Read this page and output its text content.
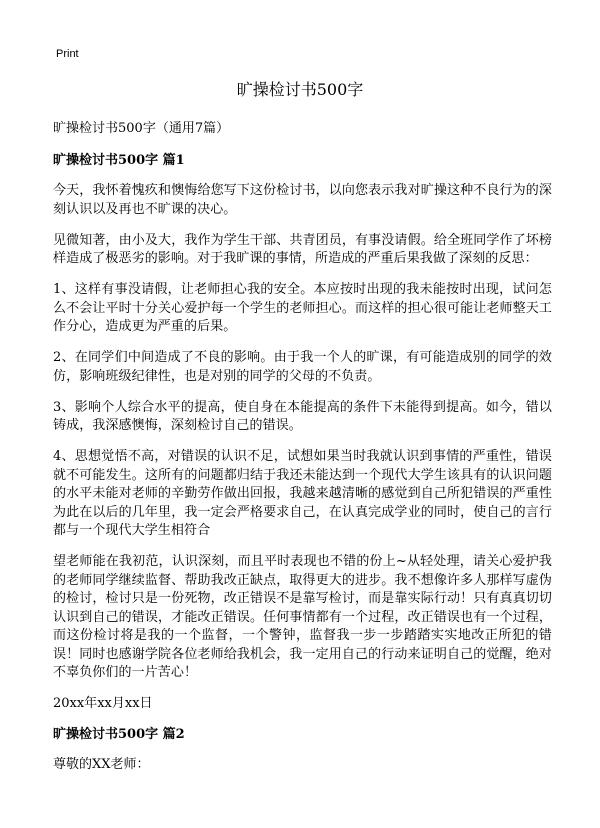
Print
旷操检讨书500字

旷操检讨书500字（通用7篇）

旷操检讨书500字 篇1

今天，我怀着愧疚和懊悔给您写下这份检讨书，以向您表示我对旷操这种不良行为的深刻认识以及再也不旷课的决心。

见微知著，由小及大，我作为学生干部、共青团员，有事没请假。给全班同学作了坏榜样造成了极恶劣的影响。对于我旷课的事情，所造成的严重后果我做了深刻的反思：

1、这样有事没请假，让老师担心我的安全。本应按时出现的我未能按时出现，试问怎么不会让平时十分关心爱护每一个学生的老师担心。而这样的担心很可能让老师整天工作分心，造成更为严重的后果。

2、在同学们中间造成了不良的影响。由于我一个人的旷课，有可能造成别的同学的效仿，影响班级纪律性，也是对别的同学的父母的不负责。

3、影响个人综合水平的提高，使自身在本能提高的条件下未能得到提高。如今，错以铸成，我深感懊悔，深刻检讨自己的错误。

4、思想觉悟不高，对错误的认识不足，试想如果当时我就认识到事情的严重性，错误就不可能发生。这所有的问题都归结于我还未能达到一个现代大学生该具有的认识问题的水平未能对老师的辛勤劳作做出回报，我越来越清晰的感觉到自己所犯错误的严重性为此在以后的几年里，我一定会严格要求自己，在认真完成学业的同时，使自己的言行都与一个现代大学生相符合

望老师能在我初范，认识深刻，而且平时表现也不错的份上~从轻处理，请关心爱护我的老师同学继续监督、帮助我改正缺点，取得更大的进步。我不想像许多人那样写虚伪的检讨，检讨只是一份死物，改正错误不是靠写检讨，而是靠实际行动！只有真真切切认识到自己的错误，才能改正错误。任何事情都有一个过程，改正错误也有一个过程，而这份检讨将是我的一个监督，一个警钟，监督我一步一步踏踏实实地改正所犯的错误！同时也感谢学院各位老师给我机会，我一定用自己的行动来证明自己的觉醒，绝对不辜负你们的一片苦心！

20xx年xx月xx日

旷操检讨书500字 篇2

尊敬的XX老师：
